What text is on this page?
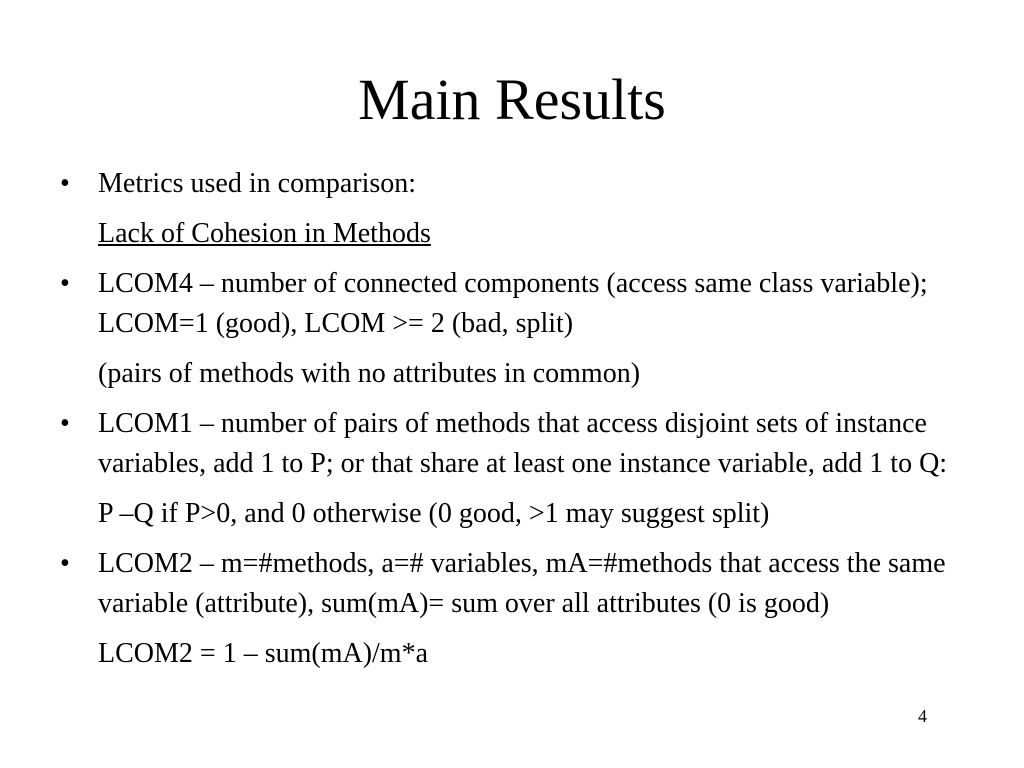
Main Results
• Metrics used in comparison:
Lack of Cohesion in Methods
• LCOM4 – number of connected components (access same class variable); LCOM=1 (good), LCOM >= 2 (bad, split)
(pairs of methods with no attributes in common)
• LCOM1 – number of pairs of methods that access disjoint sets of instance variables, add 1 to P; or that share at least one instance variable, add 1 to Q:
P –Q if P>0, and 0 otherwise (0 good, >1 may suggest split)
• LCOM2 – m=#methods, a=# variables, mA=#methods that access the same variable (attribute), sum(mA)= sum over all attributes (0 is good)
LCOM2 = 1 – sum(mA)/m*a
4
